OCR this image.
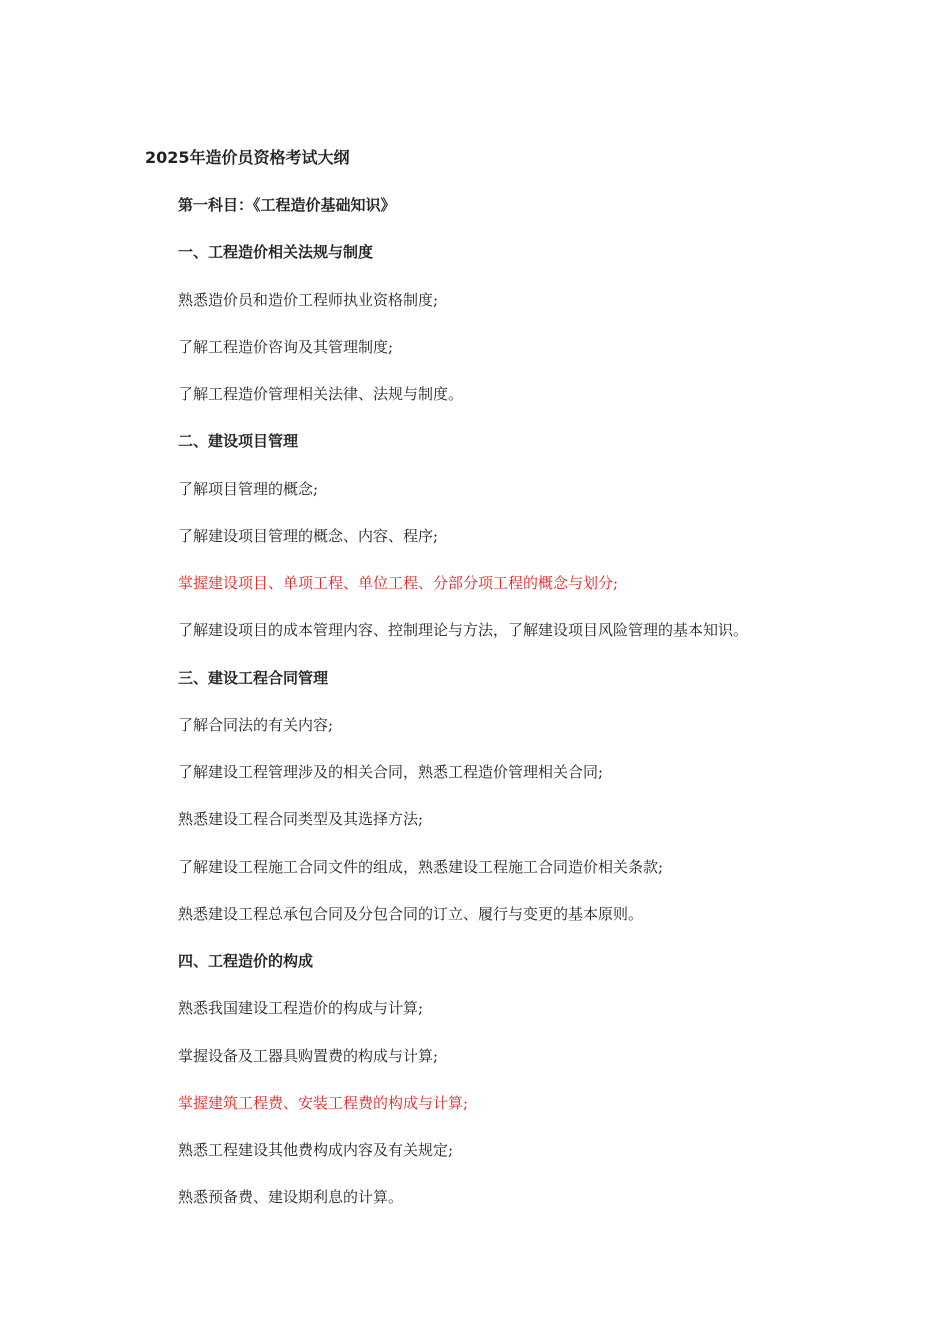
2025年造价员资格考试大纲
第一科目：《工程造价基础知识》
一、工程造价相关法规与制度
熟悉造价员和造价工程师执业资格制度;
了解工程造价咨询及其管理制度;
了解工程造价管理相关法律、法规与制度。
二、建设项目管理
了解项目管理的概念;
了解建设项目管理的概念、内容、程序;
掌握建设项目、单项工程、单位工程、分部分项工程的概念与划分;
了解建设项目的成本管理内容、控制理论与方法，了解建设项目风险管理的基本知识。
三、建设工程合同管理
了解合同法的有关内容;
了解建设工程管理涉及的相关合同，熟悉工程造价管理相关合同;
熟悉建设工程合同类型及其选择方法;
了解建设工程施工合同文件的组成，熟悉建设工程施工合同造价相关条款;
熟悉建设工程总承包合同及分包合同的订立、履行与变更的基本原则。
四、工程造价的构成
熟悉我国建设工程造价的构成与计算;
掌握设备及工器具购置费的构成与计算;
掌握建筑工程费、安装工程费的构成与计算;
熟悉工程建设其他费构成内容及有关规定;
熟悉预备费、建设期利息的计算。
